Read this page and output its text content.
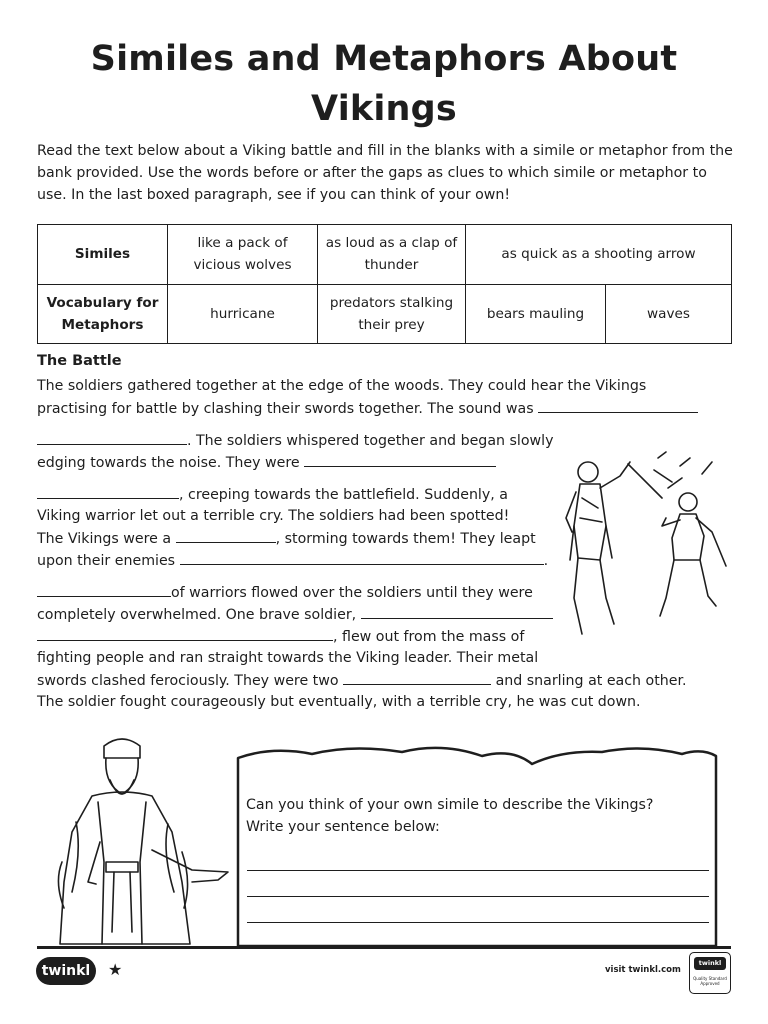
Similes and Metaphors About
Vikings

Read the text below about a Viking battle and fill in the blanks with a simile or metaphor from the bank provided. Use the words before or after the gaps as clues to which simile or metaphor to use. In the last boxed paragraph, see if you can think of your own!

Similes	like a pack of vicious wolves	as loud as a clap of thunder	as quick as a shooting arrow	
Vocabulary for Metaphors	hurricane	predators stalking their prey	bears mauling	waves
The Battle
The soldiers gathered together at the edge of the woods. They could hear the Vikings
practising for battle by clashing their swords together. The sound was
. The soldiers whispered together and began slowly
edging towards the noise. They were
, creeping towards the battlefield. Suddenly, a
Viking warrior let out a terrible cry. The soldiers had been spotted!
The Vikings were a	, storming towards them! They leapt
upon their enemies	.
of warriors flowed over the soldiers until they were
completely overwhelmed. One brave soldier,
, flew out from the mass of
fighting people and ran straight towards the Viking leader. Their metal
swords clashed ferociously. They were two	and snarling at each other.
The soldier fought courageously but eventually, with a terrible cry, he was cut down.

Can you think of your own simile to describe the Vikings?
Write your sentence below:

twinkl	★	visit twinkl.com
twinkl
Quality Standard Approved
